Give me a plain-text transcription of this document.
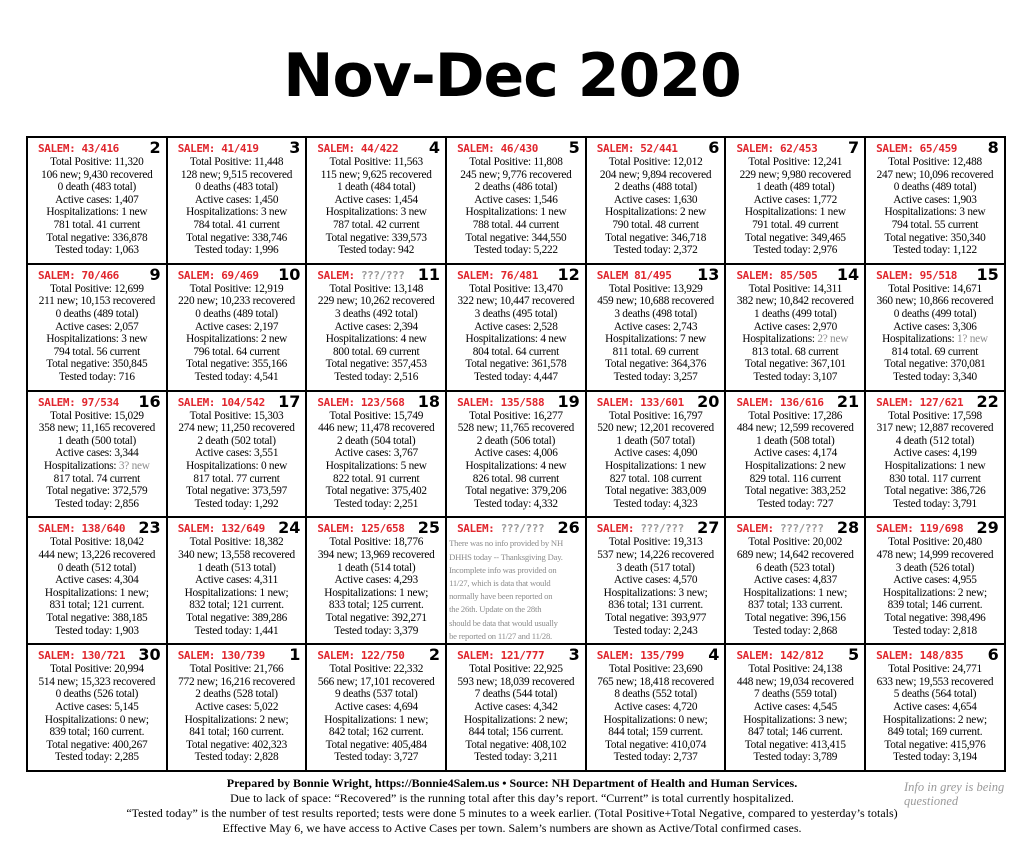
Nov-Dec 2020
SALEM: 43/416 2
Total Positive: 11,320
106 new; 9,430 recovered
0 death (483 total)
Active cases: 1,407
Hospitalizations: 1 new
781 total. 41 current
Total negative: 336,878
Tested today: 1,063
SALEM: 41/419 3
Total Positive: 11,448
128 new; 9,515 recovered
0 deaths (483 total)
Active cases: 1,450
Hospitalizations: 3 new
784 total. 41 current
Total negative: 338,746
Tested today: 1,996
SALEM: 44/422 4
Total Positive: 11,563
115 new; 9,625 recovered
1 death (484 total)
Active cases: 1,454
Hospitalizations: 3 new
787 total. 42 current
Total negative: 339,573
Tested today: 942
SALEM: 46/430 5
Total Positive: 11,808
245 new; 9,776 recovered
2 deaths (486 total)
Active cases: 1,546
Hospitalizations: 1 new
788 total. 44 current
Total negative: 344,550
Tested today: 5,222
SALEM: 52/441 6
Total Positive: 12,012
204 new; 9,894 recovered
2 deaths (488 total)
Active cases: 1,630
Hospitalizations: 2 new
790 total. 48 current
Total negative: 346,718
Tested today: 2,372
SALEM: 62/453 7
Total Positive: 12,241
229 new; 9,980 recovered
1 death (489 total)
Active cases: 1,772
Hospitalizations: 1 new
791 total. 49 current
Total negative: 349,465
Tested today: 2,976
SALEM: 65/459 8
Total Positive: 12,488
247 new; 10,096 recovered
0 deaths (489 total)
Active cases: 1,903
Hospitalizations: 3 new
794 total. 55 current
Total negative: 350,340
Tested today: 1,122
SALEM: 70/466 9
Total Positive: 12,699
211 new; 10,153 recovered
0 deaths (489 total)
Active cases: 2,057
Hospitalizations: 3 new
794 total. 56 current
Total negative: 350,845
Tested today: 716
SALEM: 69/469 10
Total Positive: 12,919
220 new; 10,233 recovered
0 deaths (489 total)
Active cases: 2,197
Hospitalizations: 2 new
796 total. 64 current
Total negative: 355,166
Tested today: 4,541
SALEM: ???/??? 11
Total Positive: 13,148
229 new; 10,262 recovered
3 deaths (492 total)
Active cases: 2,394
Hospitalizations: 4 new
800 total. 69 current
Total negative: 357,453
Tested today: 2,516
SALEM: 76/481 12
Total Positive: 13,470
322 new; 10,447 recovered
3 deaths (495 total)
Active cases: 2,528
Hospitalizations: 4 new
804 total. 64 current
Total negative: 361,578
Tested today: 4,447
SALEM 81/495 13
Total Positive: 13,929
459 new; 10,688 recovered
3 deaths (498 total)
Active cases: 2,743
Hospitalizations: 7 new
811 total. 69 current
Total negative: 364,376
Tested today: 3,257
SALEM: 85/505 14
Total Positive: 14,311
382 new; 10,842 recovered
1 deaths (499 total)
Active cases: 2,970
Hospitalizations: 2? new
813 total. 68 current
Total negative: 367,101
Tested today: 3,107
SALEM: 95/518 15
Total Positive: 14,671
360 new; 10,866 recovered
0 deaths (499 total)
Active cases: 3,306
Hospitalizations: 1? new
814 total. 69 current
Total negative: 370,081
Tested today: 3,340
SALEM: 97/534 16
Total Positive: 15,029
358 new; 11,165 recovered
1 death (500 total)
Active cases: 3,344
Hospitalizations: 3? new
817 total. 74 current
Total negative: 372,579
Tested today: 2,856
SALEM: 104/542 17
Total Positive: 15,303
274 new; 11,250 recovered
2 death (502 total)
Active cases: 3,551
Hospitalizations: 0 new
817 total. 77 current
Total negative: 373,597
Tested today: 1,292
SALEM: 123/568 18
Total Positive: 15,749
446 new; 11,478 recovered
2 death (504 total)
Active cases: 3,767
Hospitalizations: 5 new
822 total. 91 current
Total negative: 375,402
Tested today: 2,251
SALEM: 135/588 19
Total Positive: 16,277
528 new; 11,765 recovered
2 death (506 total)
Active cases: 4,006
Hospitalizations: 4 new
826 total. 98 current
Total negative: 379,206
Tested today: 4,332
SALEM: 133/601 20
Total Positive: 16,797
520 new; 12,201 recovered
1 death (507 total)
Active cases: 4,090
Hospitalizations: 1 new
827 total. 108 current
Total negative: 383,009
Tested today: 4,323
SALEM: 136/616 21
Total Positive: 17,286
484 new; 12,599 recovered
1 death (508 total)
Active cases: 4,174
Hospitalizations: 2 new
829 total. 116 current
Total negative: 383,252
Tested today: 727
SALEM: 127/621 22
Total Positive: 17,598
317 new; 12,887 recovered
4 death (512 total)
Active cases: 4,199
Hospitalizations: 1 new
830 total. 117 current
Total negative: 386,726
Tested today: 3,791
SALEM: 138/640 23
Total Positive: 18,042
444 new; 13,226 recovered
0 death (512 total)
Active cases: 4,304
Hospitalizations: 1 new;
831 total; 121 current.
Total negative: 388,185
Tested today: 1,903
SALEM: 132/649 24
Total Positive: 18,382
340 new; 13,558 recovered
1 death (513 total)
Active cases: 4,311
Hospitalizations: 1 new;
832 total; 121 current.
Total negative: 389,286
Tested today: 1,441
SALEM: 125/658 25
Total Positive: 18,776
394 new; 13,969 recovered
1 death (514 total)
Active cases: 4,293
Hospitalizations: 1 new;
833 total; 125 current.
Total negative: 392,271
Tested today: 3,379
SALEM: ???/??? 26
There was no info provided by NH
DHHS today -- Thanksgiving Day.
Incomplete info was provided on
11/27, which is data that would
normally have been reported on
the 26th. Update on the 28th
should be data that would usually
be reported on 11/27 and 11/28.
SALEM: ???/??? 27
Total Positive: 19,313
537 new; 14,226 recovered
3 death (517 total)
Active cases: 4,570
Hospitalizations: 3 new;
836 total; 131 current.
Total negative: 393,977
Tested today: 2,243
SALEM: ???/??? 28
Total Positive: 20,002
689 new; 14,642 recovered
6 death (523 total)
Active cases: 4,837
Hospitalizations: 1 new;
837 total; 133 current.
Total negative: 396,156
Tested today: 2,868
SALEM: 119/698 29
Total Positive: 20,480
478 new; 14,999 recovered
3 death (526 total)
Active cases: 4,955
Hospitalizations: 2 new;
839 total; 146 current.
Total negative: 398,496
Tested today: 2,818
SALEM: 130/721 30
Total Positive: 20,994
514 new; 15,323 recovered
0 deaths (526 total)
Active cases: 5,145
Hospitalizations: 0 new;
839 total; 160 current.
Total negative: 400,267
Tested today: 2,285
SALEM: 130/739 1
Total Positive: 21,766
772 new; 16,216 recovered
2 deaths (528 total)
Active cases: 5,022
Hospitalizations: 2 new;
841 total; 160 current.
Total negative: 402,323
Tested today: 2,828
SALEM: 122/750 2
Total Positive: 22,332
566 new; 17,101 recovered
9 deaths (537 total)
Active cases: 4,694
Hospitalizations: 1 new;
842 total; 162 current.
Total negative: 405,484
Tested today: 3,727
SALEM: 121/777 3
Total Positive: 22,925
593 new; 18,039 recovered
7 deaths (544 total)
Active cases: 4,342
Hospitalizations: 2 new;
844 total; 156 current.
Total negative: 408,102
Tested today: 3,211
SALEM: 135/799 4
Total Positive: 23,690
765 new; 18,418 recovered
8 deaths (552 total)
Active cases: 4,720
Hospitalizations: 0 new;
844 total; 159 current.
Total negative: 410,074
Tested today: 2,737
SALEM: 142/812 5
Total Positive: 24,138
448 new; 19,034 recovered
7 deaths (559 total)
Active cases: 4,545
Hospitalizations: 3 new;
847 total; 146 current.
Total negative: 413,415
Tested today: 3,789
SALEM: 148/835 6
Total Positive: 24,771
633 new; 19,553 recovered
5 deaths (564 total)
Active cases: 4,654
Hospitalizations: 2 new;
849 total; 169 current.
Total negative: 415,976
Tested today: 3,194
Prepared by Bonnie Wright, https://Bonnie4Salem.us • Source: NH Department of Health and Human Services.
Due to lack of space: “Recovered” is the running total after this day’s report. “Current” is total currently hospitalized.
“Tested today” is the number of test results reported; tests were done 5 minutes to a week earlier. (Total Positive+Total Negative, compared to yesterday’s totals)
Effective May 6, we have access to Active Cases per town. Salem’s numbers are shown as Active/Total confirmed cases.
Info in grey is being questioned
